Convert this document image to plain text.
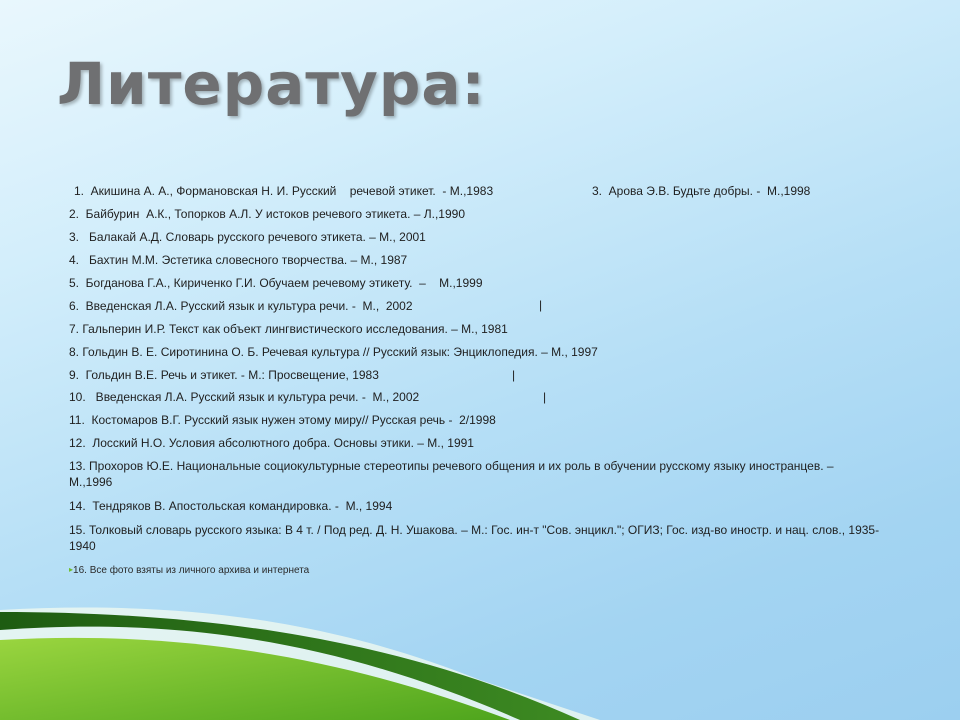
Литература:

1.  Акишина А. А., Формановская Н. И. Русский    речевой этикет.  - М.,1983	3.  Арова Э.В. Будьте добры. -  М.,1998

2.  Байбурин  А.К., Топорков А.Л. У истоков речевого этикета. – Л.,1990

3.   Балакай А.Д. Словарь русского речевого этикета. – М., 2001

4.   Бахтин М.М. Эстетика словесного творчества. – М., 1987

5.  Богданова Г.А., Кириченко Г.И. Обучаем речевому этикету.  –    М.,1999

6.  Введенская Л.А. Русский язык и культура речи. -  М.,  2002	|

7. Гальперин И.Р. Текст как объект лингвистического исследования. – М., 1981

8. Гольдин В. Е. Сиротинина О. Б. Речевая культура // Русский язык: Энциклопедия. – М., 1997

9.  Гольдин В.Е. Речь и этикет. - М.: Просвещение, 1983	|

10.   Введенская Л.А. Русский язык и культура речи. -  М., 2002	|

11.  Костомаров В.Г. Русский язык нужен этому миру// Русская речь -  2/1998

12.  Лосский Н.О. Условия абсолютного добра. Основы этики. – М., 1991

13. Прохоров Ю.Е. Национальные социокультурные стереотипы речевого общения и их роль в обучении русскому языку иностранцев. – М.,1996

14.  Тендряков В. Апостольская командировка. -  М., 1994

15. Толковый словарь русского языка: В 4 т. / Под ред. Д. Н. Ушакова. – М.: Гос. ин-т "Сов. энцикл."; ОГИЗ; Гос. изд-во иностр. и нац. слов., 1935-1940

▸16. Все фото взяты из личного архива и интернета
